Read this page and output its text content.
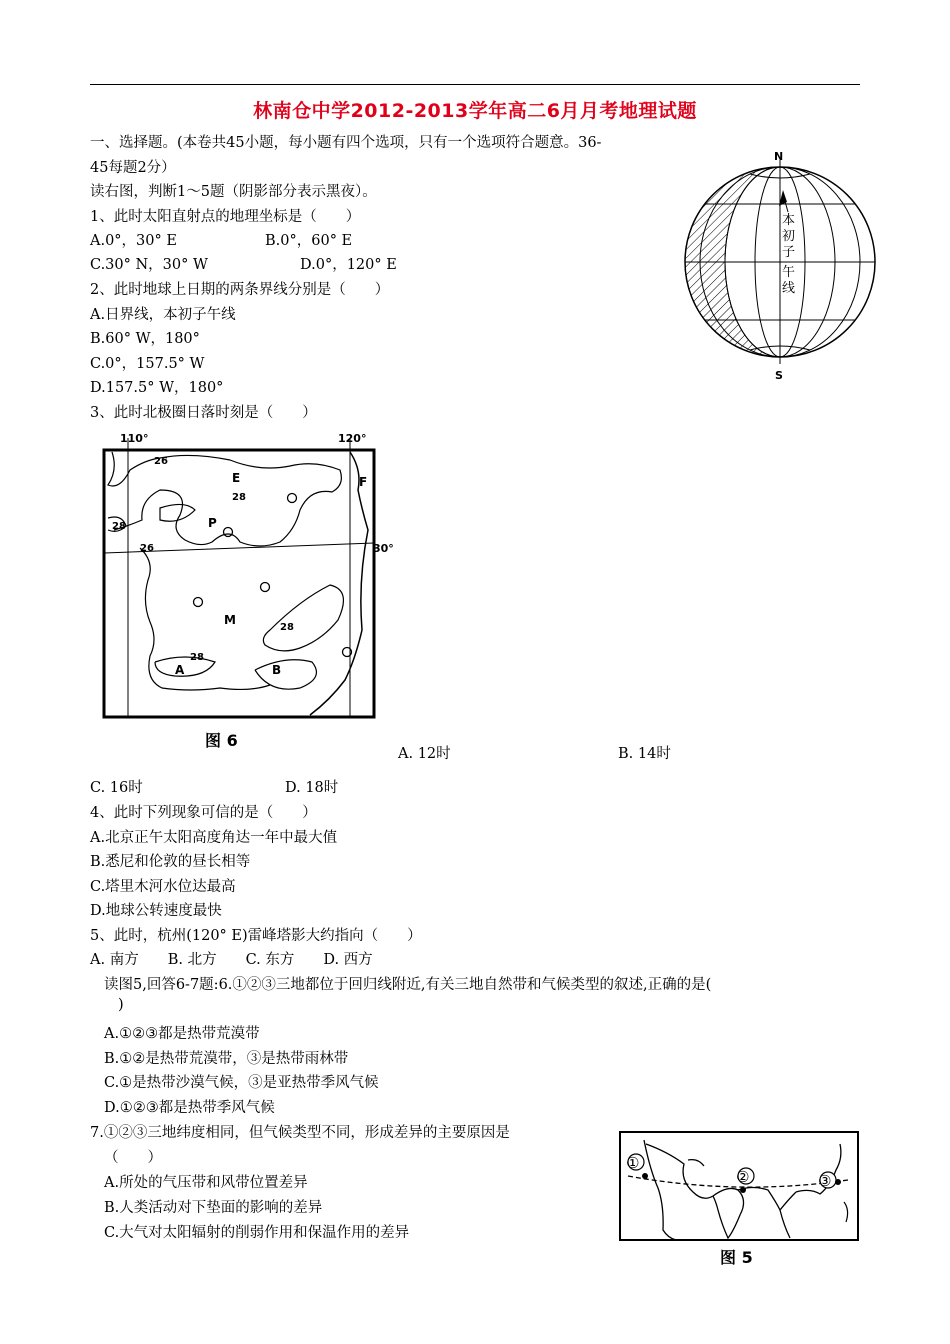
林南仓中学2012-2013学年高二6月月考地理试题
一、选择题。(本卷共45小题，每小题有四个选项，只有一个选项符合题意。36-
45每题2分）
读右图，判断1～5题（阴影部分表示黑夜）。
1、此时太阳直射点的地理坐标是（　　）
A.0°，30° E	B.0°，60° E
C.30° N，30° W	D.0°，120° E
2、此时地球上日期的两条界线分别是（　　）
A.日界线，本初子午线
B.60° W，180°
C.0°，157.5° W
D.157.5° W，180°
3、此时北极圈日落时刻是（　　）
N
S
本
初
子
午
线
110°	120°
30°
E
P
M
A	B
F
26
28
28
26
28
28
图 6
A. 12时	B. 14时
C. 16时	D. 18时
4、此时下列现象可信的是（　　）
A.北京正午太阳高度角达一年中最大值
B.悉尼和伦敦的昼长相等
C.塔里木河水位达最高
D.地球公转速度最快
5、此时，杭州(120° E)雷峰塔影大约指向（　　）
A. 南方　　B. 北方　　C. 东方　　D. 西方
读图5,回答6-7题:6.①②③三地都位于回归线附近,有关三地自然带和气候类型的叙述,正确的是(
)
A.①②③都是热带荒漠带
B.①②是热带荒漠带，③是热带雨林带
C.①是热带沙漠气候，③是亚热带季风气候
D.①②③都是热带季风气候
7.①②③三地纬度相同，但气候类型不同，形成差异的主要原因是
（　　）
A.所处的气压带和风带位置差异
B.人类活动对下垫面的影响的差异
C.大气对太阳辐射的削弱作用和保温作用的差异
①
②	③
图 5
